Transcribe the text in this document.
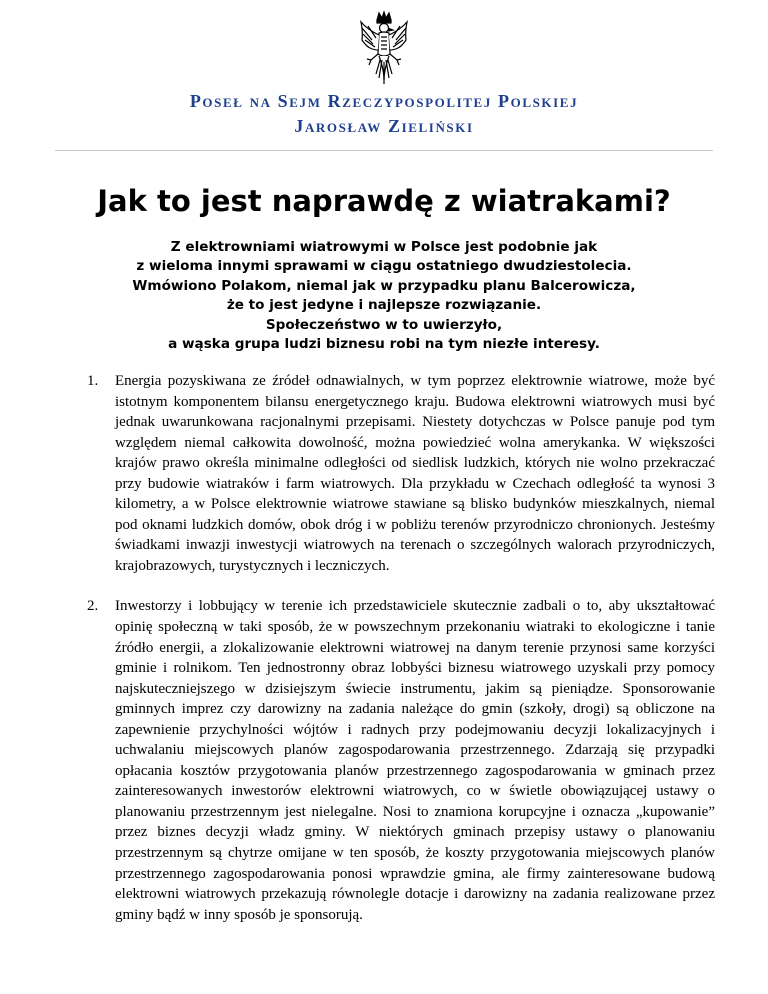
Poseł na Sejm Rzeczypospolitej Polskiej
Jarosław Zieliński
Jak to jest naprawdę z wiatrakami?
Z elektrowniami wiatrowymi w Polsce jest podobnie jak
z wieloma innymi sprawami w ciągu ostatniego dwudziestolecia.
Wmówiono Polakom, niemal jak w przypadku planu Balcerowicza,
że to jest jedyne i najlepsze rozwiązanie.
Społeczeństwo w to uwierzyło,
a wąska grupa ludzi biznesu robi na tym niezłe interesy.
1. Energia pozyskiwana ze źródeł odnawialnych, w tym poprzez elektrownie wiatrowe, może być istotnym komponentem bilansu energetycznego kraju. Budowa elektrowni wiatrowych musi być jednak uwarunkowana racjonalnymi przepisami. Niestety dotychczas w Polsce panuje pod tym względem niemal całkowita dowolność, można powiedzieć wolna amerykanka. W większości krajów prawo określa minimalne odległości od siedlisk ludzkich, których nie wolno przekraczać przy budowie wiatraków i farm wiatrowych. Dla przykładu w Czechach odległość ta wynosi 3 kilometry, a w Polsce elektrownie wiatrowe stawiane są blisko budynków mieszkalnych, niemal pod oknami ludzkich domów, obok dróg i w pobliżu terenów przyrodniczo chronionych. Jesteśmy świadkami inwazji inwestycji wiatrowych na terenach o szczególnych walorach przyrodniczych, krajobrazowych, turystycznych i leczniczych.
2. Inwestorzy i lobbujący w terenie ich przedstawiciele skutecznie zadbali o to, aby ukształtować opinię społeczną w taki sposób, że w powszechnym przekonaniu wiatraki to ekologiczne i tanie źródło energii, a zlokalizowanie elektrowni wiatrowej na danym terenie przynosi same korzyści gminie i rolnikom. Ten jednostronny obraz lobbyści biznesu wiatrowego uzyskali przy pomocy najskuteczniejszego w dzisiejszym świecie instrumentu, jakim są pieniądze. Sponsorowanie gminnych imprez czy darowizny na zadania należące do gmin (szkoły, drogi) są obliczone na zapewnienie przychylności wójtów i radnych przy podejmowaniu decyzji lokalizacyjnych i uchwalaniu miejscowych planów zagospodarowania przestrzennego. Zdarzają się przypadki opłacania kosztów przygotowania planów przestrzennego zagospodarowania w gminach przez zainteresowanych inwestorów elektrowni wiatrowych, co w świetle obowiązującej ustawy o planowaniu przestrzennym jest nielegalne. Nosi to znamiona korupcyjne i oznacza „kupowanie” przez biznes decyzji władz gminy. W niektórych gminach przepisy ustawy o planowaniu przestrzennym są chytrze omijane w ten sposób, że koszty przygotowania miejscowych planów przestrzennego zagospodarowania ponosi wprawdzie gmina, ale firmy zainteresowane budową elektrowni wiatrowych przekazują równolegle dotacje i darowizny na zadania realizowane przez gminy bądź w inny sposób je sponsorują.
